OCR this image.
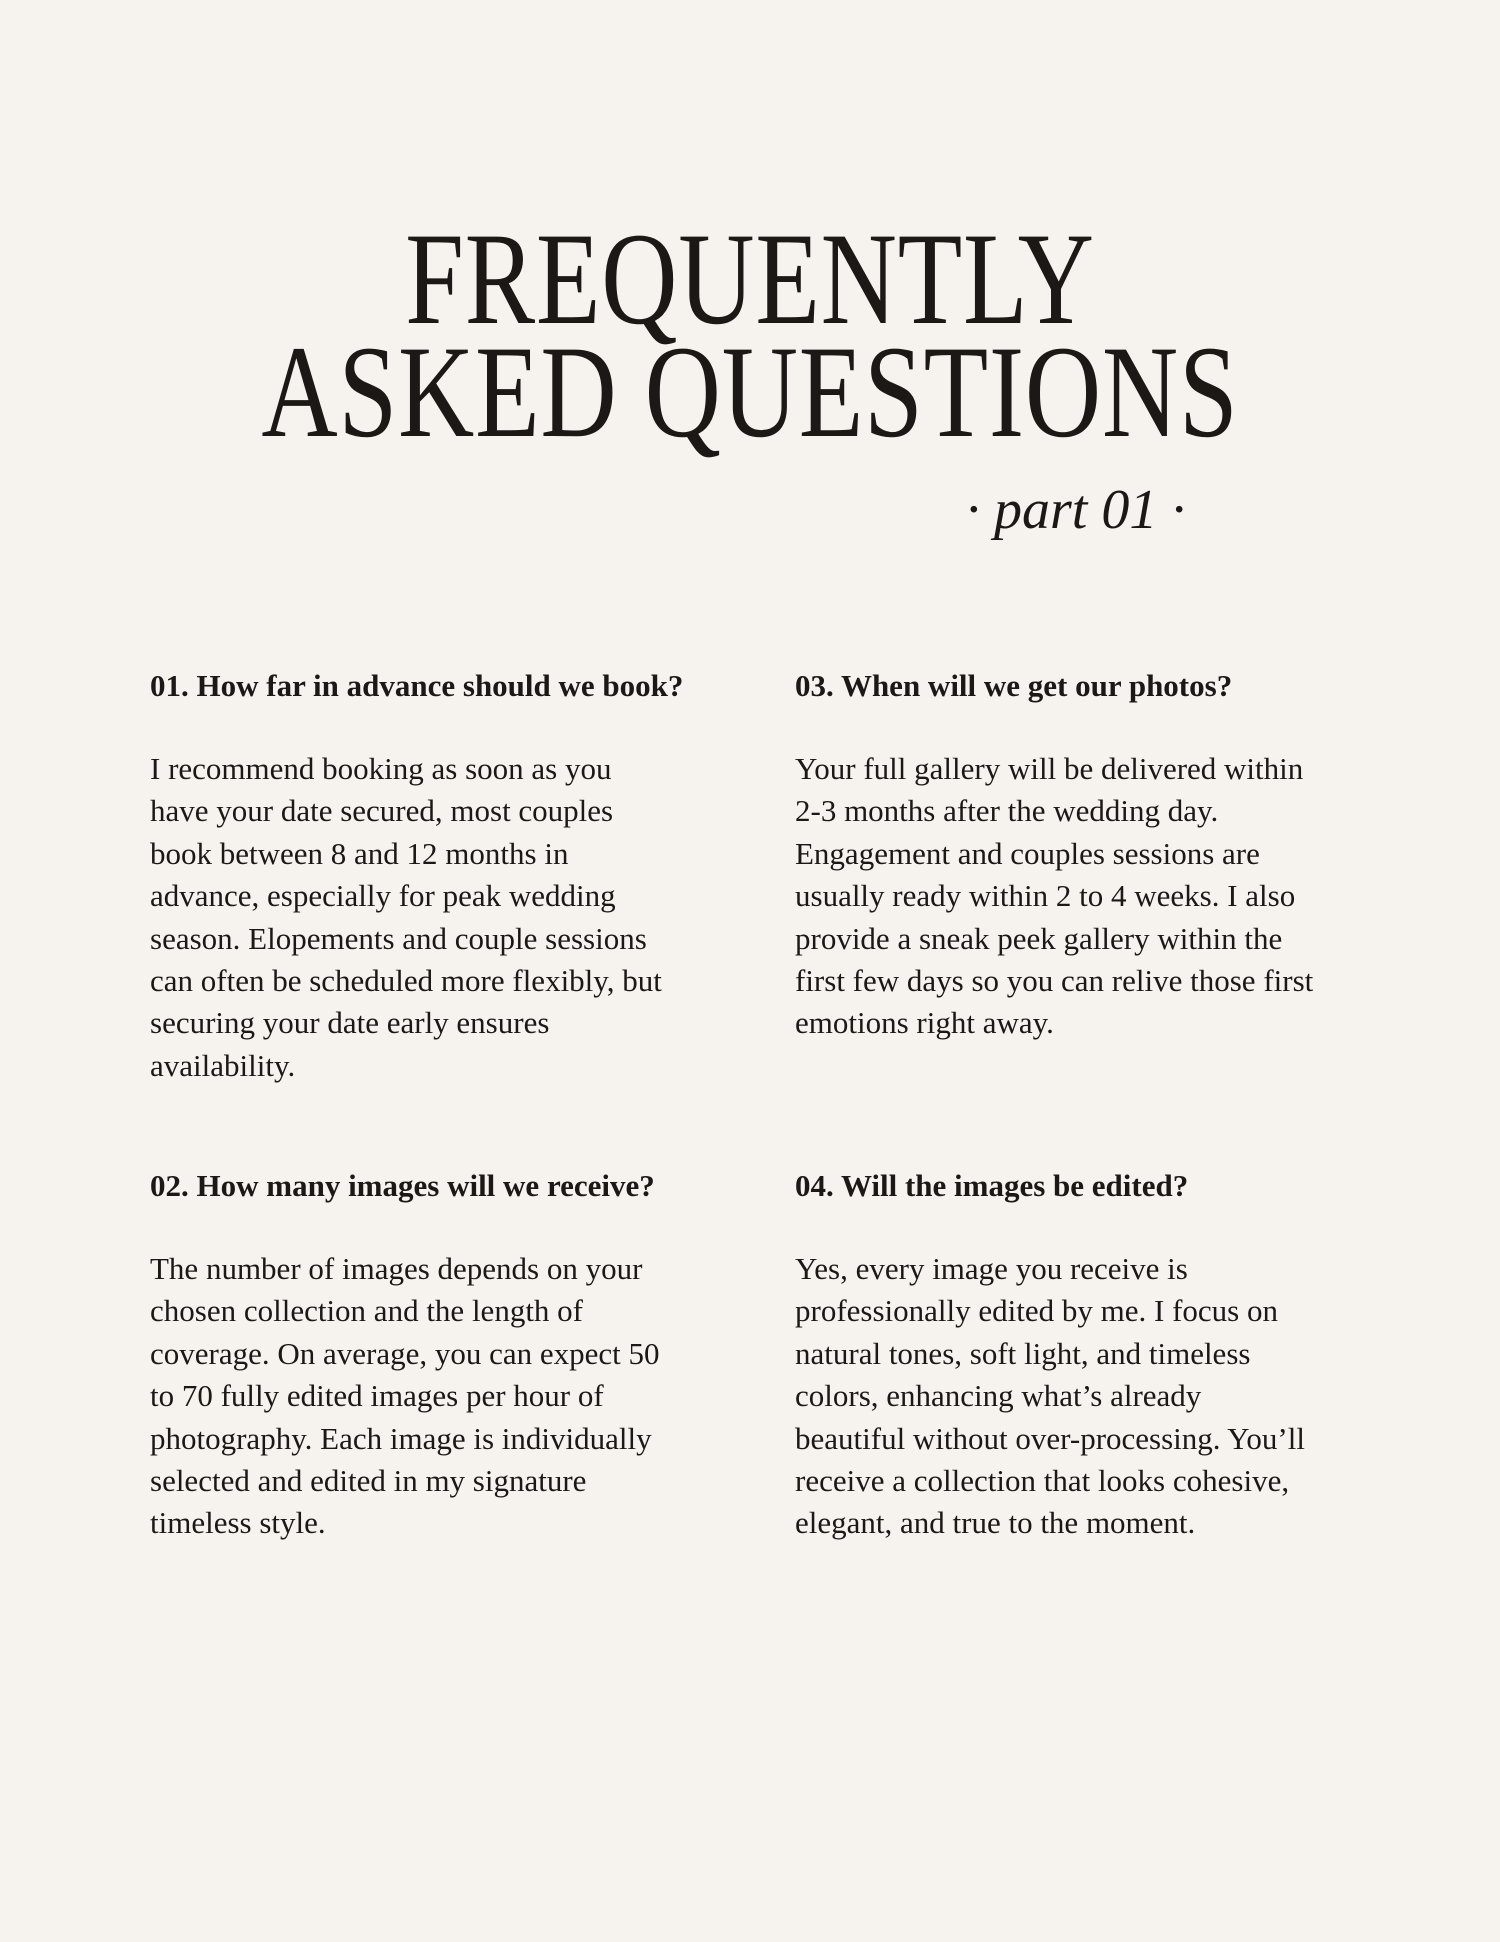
FREQUENTLY
ASKED QUESTIONS
· part 01 ·
01. How far in advance should we book?

I recommend booking as soon as you
have your date secured, most couples
book between 8 and 12 months in
advance, especially for peak wedding
season. Elopements and couple sessions
can often be scheduled more flexibly, but
securing your date early ensures
availability.

03. When will we get our photos?

Your full gallery will be delivered within
2-3 months after the wedding day.
Engagement and couples sessions are
usually ready within 2 to 4 weeks. I also
provide a sneak peek gallery within the
first few days so you can relive those first
emotions right away.

02. How many images will we receive?

The number of images depends on your
chosen collection and the length of
coverage. On average, you can expect 50
to 70 fully edited images per hour of
photography. Each image is individually
selected and edited in my signature
timeless style.

04. Will the images be edited?

Yes, every image you receive is
professionally edited by me. I focus on
natural tones, soft light, and timeless
colors, enhancing what’s already
beautiful without over-processing. You’ll
receive a collection that looks cohesive,
elegant, and true to the moment.
